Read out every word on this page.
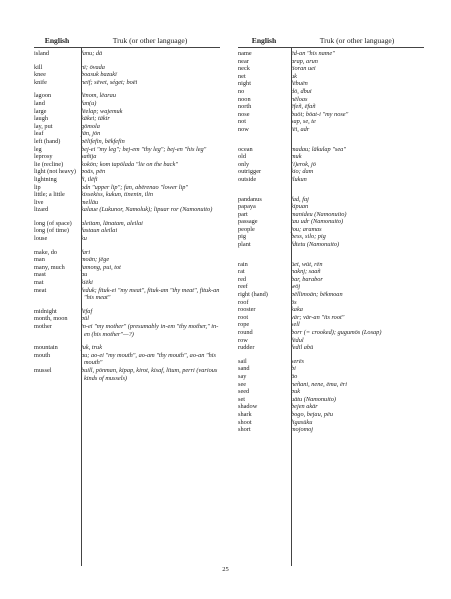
English	Truk (or other language)
island	fanu; dā
kill	nī; ōvada
knee	boasuk bazukī
knife	neif; sēvet, séget; boēi
lagoon	lēnom, lēarau
land	fan(u)
large	lēelap; wajemuk
laugh	kākei; tākir
lay, put	gōmola
leaf	jān, jōn
left (hand)	pēlifefin, bēkfefin
leg	bej-ei "my leg"; bej-em "thy leg"; bej-en "his leg"
leprosy	sañija
lie (recline)	kokōn; kom tapōlada "lie on the back"
light (not heavy) poās, pēn
lightning	fi, ilēfi
lip	odn "upper lip"; fan, abērenao "lower lip"
little; a little	kissekiss, kukun, tinenin, ilin
live	mellāu
lizard	kalaue (Lukunor, Namoluk); lipuar ror (Namonuito)
long (of space)	aleitam, lānatam, aleilai
long (of time)	fastaun aleilai
louse	ku
make, do	fari
man	moān; jēge
many, much	jamong, pui, tot
mast	au
mat	kiēki
meat	feduk; fituk-ei "my meat", fituk-am "thy meat", fituk-an "his meat"
midnight	lēfaf
month, moon	pūl
mother	in-ei "my mother" (presumably in-em "thy mother," in-en (his mother"—?)
mountain	juk, truk
mouth	au; ao-ei "my mouth", ao-am "thy mouth", ao-an "his mouth"
mussel	buill, pōnman, kipap, kirot, kisaf, litum, perri (various kinds of mussels)
English	Truk (or other language)
name	ēd-an "his name"
near	arap, arun
neck	tioran uei
net	uk
night	lēbuēn
no	dō, dbui
noon	nēloas
north	ēfeñ, ēfañ
nose	buōt; bōat-i "my nose"
not	sap, se, te
now	iēi, adr
ocean	madau; lākulap "sea"
old	muk
only	(i)erok, jō
outrigger	kio; dam
outside	ilukun
pandanus	fad, faj
papaya	kipuan
part	manideu (Namonuito)
passage	tau udr (Namonuito)
people	jou; aramas
pig	bess, silo; pig
plant	fdtetu (Namonuito)
rain	ūet, wūt, rēn
rat	naknj; saañ
red	bar, barabor
reef	wōj
right (hand)	pēllimoān; bēkmoan
roof	ōs
rooster	kaka
root	vār; vār-an "its root"
rope	sell
round	borr (= crooked); gugumōs (Losap)
row	fēdul
rudder	fedil abū
sail	serēs
sand	bi
say	āo
see	neñani, nene, ēma, ēri
seed	puk
set	uātu (Namonuito)
shadow	bejen akār
shark	bogo, bejau, pēu
shoot	ligasūku
short	mojomoj
25
